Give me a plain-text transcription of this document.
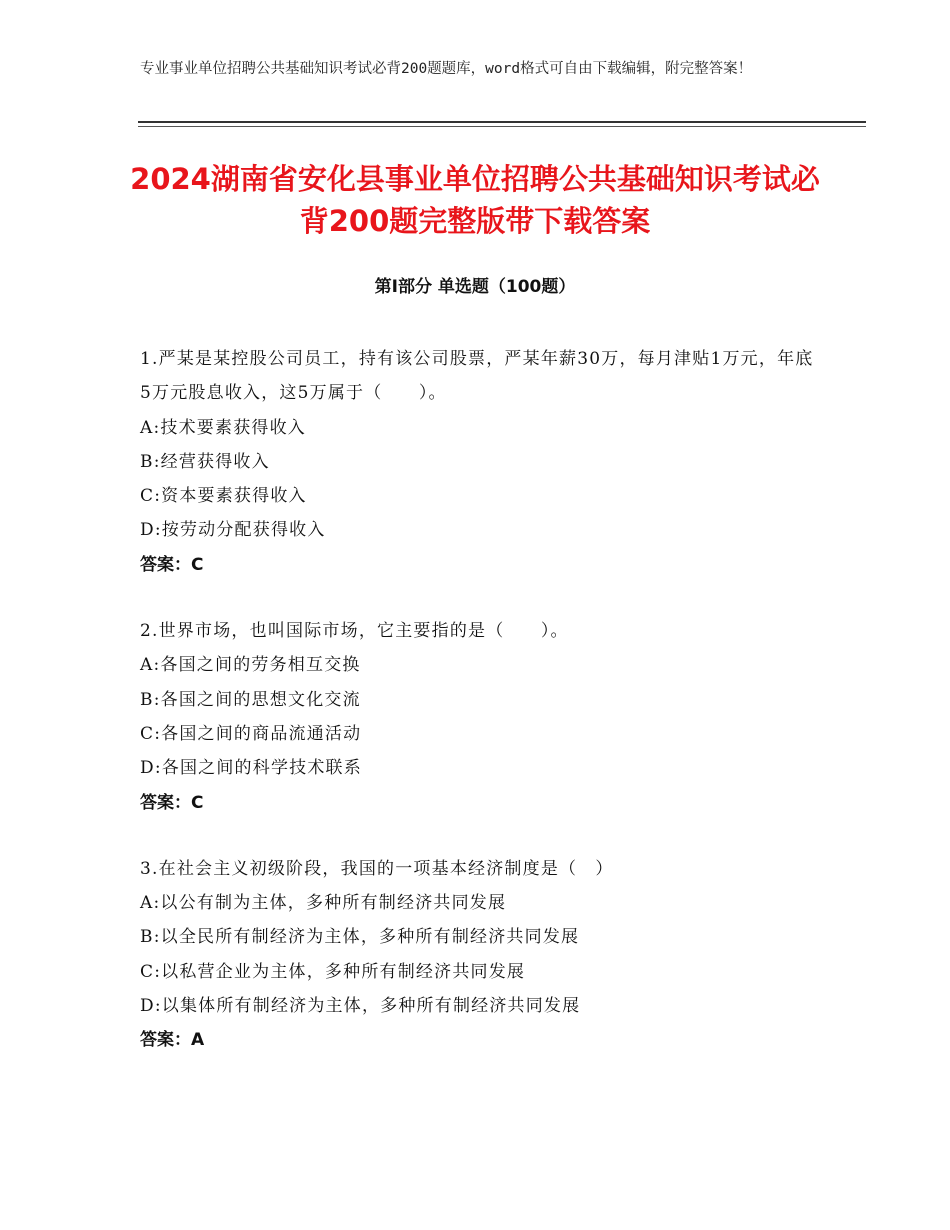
专业事业单位招聘公共基础知识考试必背200题题库，word格式可自由下载编辑，附完整答案！
2024湖南省安化县事业单位招聘公共基础知识考试必背200题完整版带下载答案
第Ⅰ部分 单选题（100题）
1.严某是某控股公司员工，持有该公司股票，严某年薪30万，每月津贴1万元，年底5万元股息收入，这5万属于（　　）。
A:技术要素获得收入
B:经营获得收入
C:资本要素获得收入
D:按劳动分配获得收入
答案：C
2.世界市场，也叫国际市场，它主要指的是（　　）。
A:各国之间的劳务相互交换
B:各国之间的思想文化交流
C:各国之间的商品流通活动
D:各国之间的科学技术联系
答案：C
3.在社会主义初级阶段，我国的一项基本经济制度是（　）
A:以公有制为主体，多种所有制经济共同发展
B:以全民所有制经济为主体，多种所有制经济共同发展
C:以私营企业为主体，多种所有制经济共同发展
D:以集体所有制经济为主体，多种所有制经济共同发展
答案：A
